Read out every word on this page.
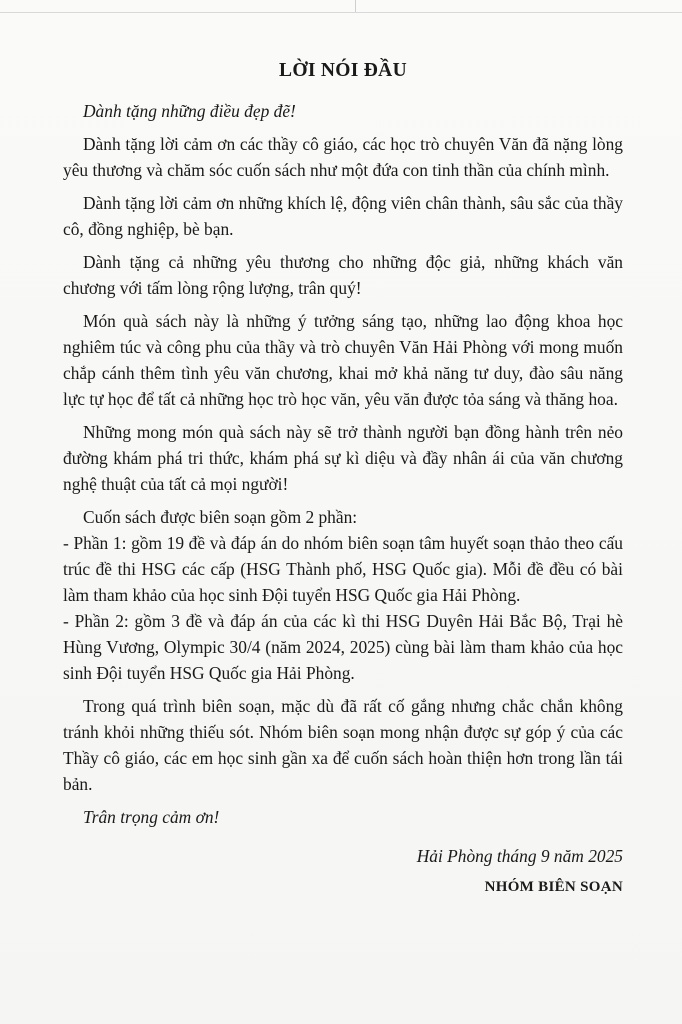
LỜI NÓI ĐẦU

Dành tặng những điều đẹp đẽ!

Dành tặng lời cảm ơn các thầy cô giáo, các học trò chuyên Văn đã nặng lòng yêu thương và chăm sóc cuốn sách như một đứa con tinh thần của chính mình.

Dành tặng lời cảm ơn những khích lệ, động viên chân thành, sâu sắc của thầy cô, đồng nghiệp, bè bạn.

Dành tặng cả những yêu thương cho những độc giả, những khách văn chương với tấm lòng rộng lượng, trân quý!

Món quà sách này là những ý tưởng sáng tạo, những lao động khoa học nghiêm túc và công phu của thầy và trò chuyên Văn Hải Phòng với mong muốn chắp cánh thêm tình yêu văn chương, khai mở khả năng tư duy, đào sâu năng lực tự học để tất cả những học trò học văn, yêu văn được tỏa sáng và thăng hoa.

Những mong món quà sách này sẽ trở thành người bạn đồng hành trên nẻo đường khám phá tri thức, khám phá sự kì diệu và đầy nhân ái của văn chương nghệ thuật của tất cả mọi người!

Cuốn sách được biên soạn gồm 2 phần:

- Phần 1: gồm 19 đề và đáp án do nhóm biên soạn tâm huyết soạn thảo theo cấu trúc đề thi HSG các cấp (HSG Thành phố, HSG Quốc gia). Mỗi đề đều có bài làm tham khảo của học sinh Đội tuyển HSG Quốc gia Hải Phòng.

- Phần 2: gồm 3 đề và đáp án của các kì thi HSG Duyên Hải Bắc Bộ, Trại hè Hùng Vương, Olympic 30/4 (năm 2024, 2025) cùng bài làm tham khảo của học sinh Đội tuyển HSG Quốc gia Hải Phòng.

Trong quá trình biên soạn, mặc dù đã rất cố gắng nhưng chắc chắn không tránh khỏi những thiếu sót. Nhóm biên soạn mong nhận được sự góp ý của các Thầy cô giáo, các em học sinh gần xa để cuốn sách hoàn thiện hơn trong lần tái bản.

Trân trọng cảm ơn!

Hải Phòng tháng 9 năm 2025
NHÓM BIÊN SOẠN
